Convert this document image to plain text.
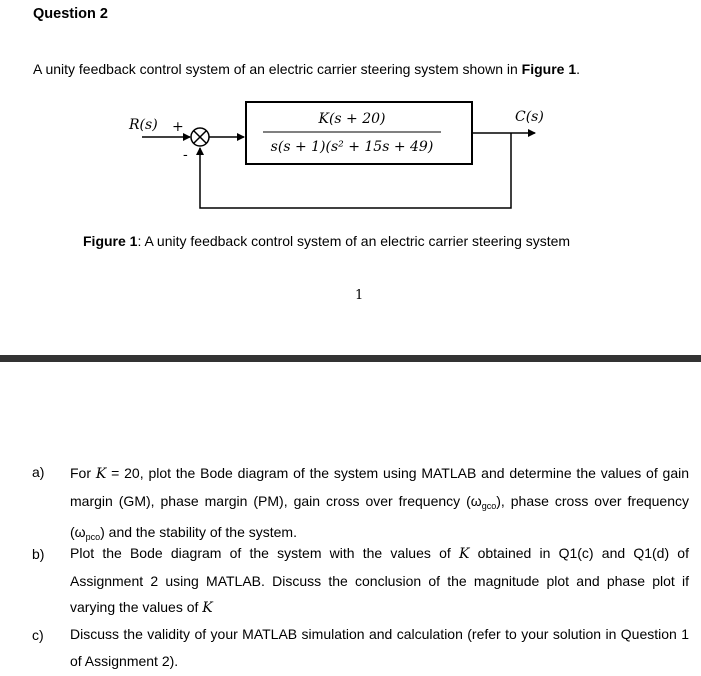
Question 2
A unity feedback control system of an electric carrier steering system shown in Figure 1.
R(s) +
-
C(s)
K(s + 20)
s(s + 1)(s² + 15s + 49)
Figure 1: A unity feedback control system of an electric carrier steering system
1
a) For K = 20, plot the Bode diagram of the system using MATLAB and determine the values of gain margin (GM), phase margin (PM), gain cross over frequency $(\omega_{gco})$, phase cross over frequency $(\omega_{pco})$ and the stability of the system.
b) Plot the Bode diagram of the system with the values of K obtained in Q1(c) and Q1(d) of Assignment 2 using MATLAB. Discuss the conclusion of the magnitude plot and phase plot if varying the values of K
c) Discuss the validity of your MATLAB simulation and calculation (refer to your solution in Question 1 of Assignment 2).
